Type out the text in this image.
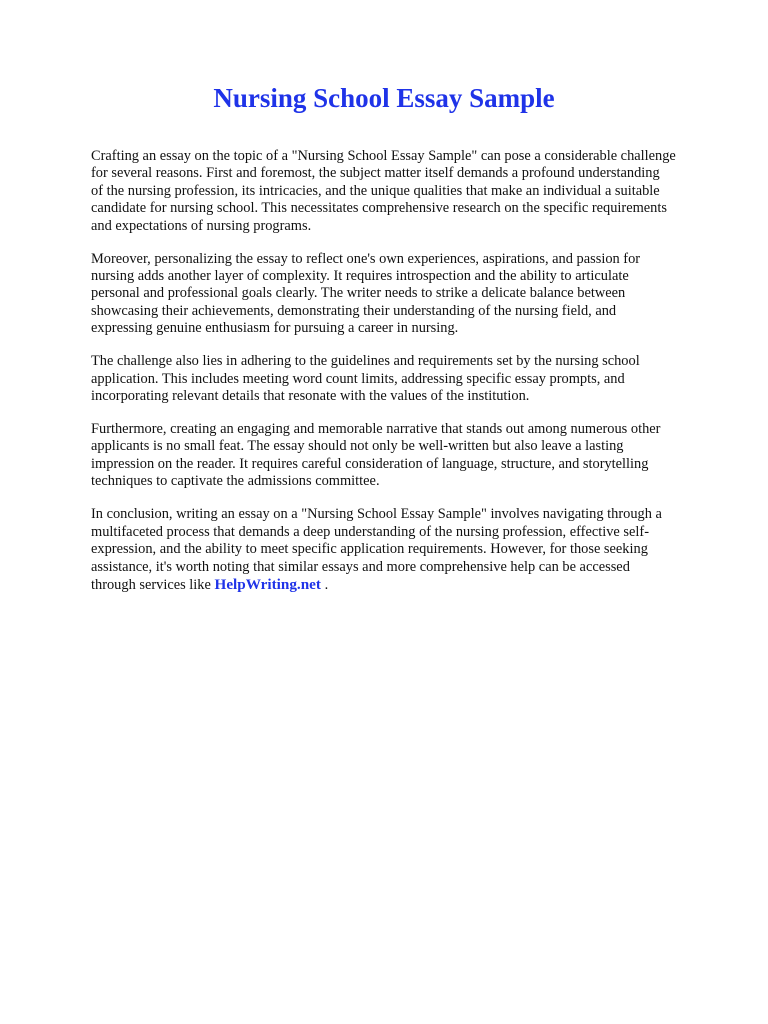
Nursing School Essay Sample

Crafting an essay on the topic of a "Nursing School Essay Sample" can pose a considerable challenge
for several reasons. First and foremost, the subject matter itself demands a profound understanding
of the nursing profession, its intricacies, and the unique qualities that make an individual a suitable
candidate for nursing school. This necessitates comprehensive research on the specific requirements
and expectations of nursing programs.

Moreover, personalizing the essay to reflect one's own experiences, aspirations, and passion for
nursing adds another layer of complexity. It requires introspection and the ability to articulate
personal and professional goals clearly. The writer needs to strike a delicate balance between
showcasing their achievements, demonstrating their understanding of the nursing field, and
expressing genuine enthusiasm for pursuing a career in nursing.

The challenge also lies in adhering to the guidelines and requirements set by the nursing school
application. This includes meeting word count limits, addressing specific essay prompts, and
incorporating relevant details that resonate with the values of the institution.

Furthermore, creating an engaging and memorable narrative that stands out among numerous other
applicants is no small feat. The essay should not only be well-written but also leave a lasting
impression on the reader. It requires careful consideration of language, structure, and storytelling
techniques to captivate the admissions committee.

In conclusion, writing an essay on a "Nursing School Essay Sample" involves navigating through a
multifaceted process that demands a deep understanding of the nursing profession, effective self-
expression, and the ability to meet specific application requirements. However, for those seeking
assistance, it's worth noting that similar essays and more comprehensive help can be accessed
through services like HelpWriting.net .
